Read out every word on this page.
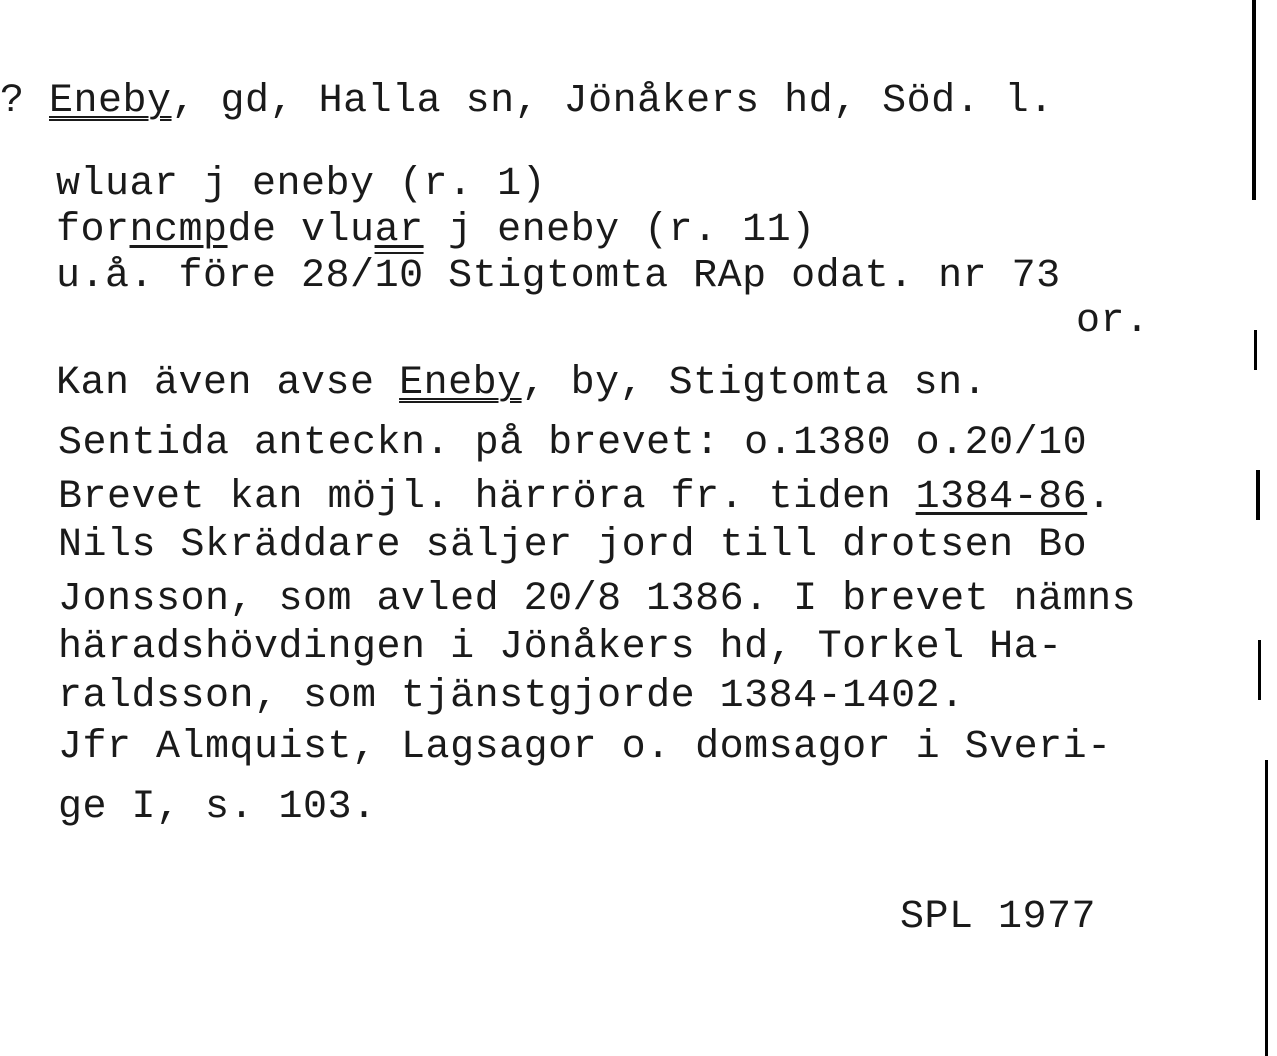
? Eneby, gd, Halla sn, Jönåkers hd, Söd. l.
wluar j eneby (r. 1)
forncmpde vluar j eneby (r. 11)
u.å. före 28/10 Stigtomta RAp odat. nr 73
or.
Kan även avse Eneby, by, Stigtomta sn.
Sentida anteckn. på brevet: o.1380 o.20/10
Brevet kan möjl. härröra fr. tiden 1384-86.
Nils Skräddare säljer jord till drotsen Bo
Jonsson, som avled 20/8 1386. I brevet nämns
häradshövdingen i Jönåkers hd, Torkel Ha-
raldsson, som tjänstgjorde 1384-1402.
Jfr Almquist, Lagsagor o. domsagor i Sveri-
ge I, s. 103.
SPL 1977
